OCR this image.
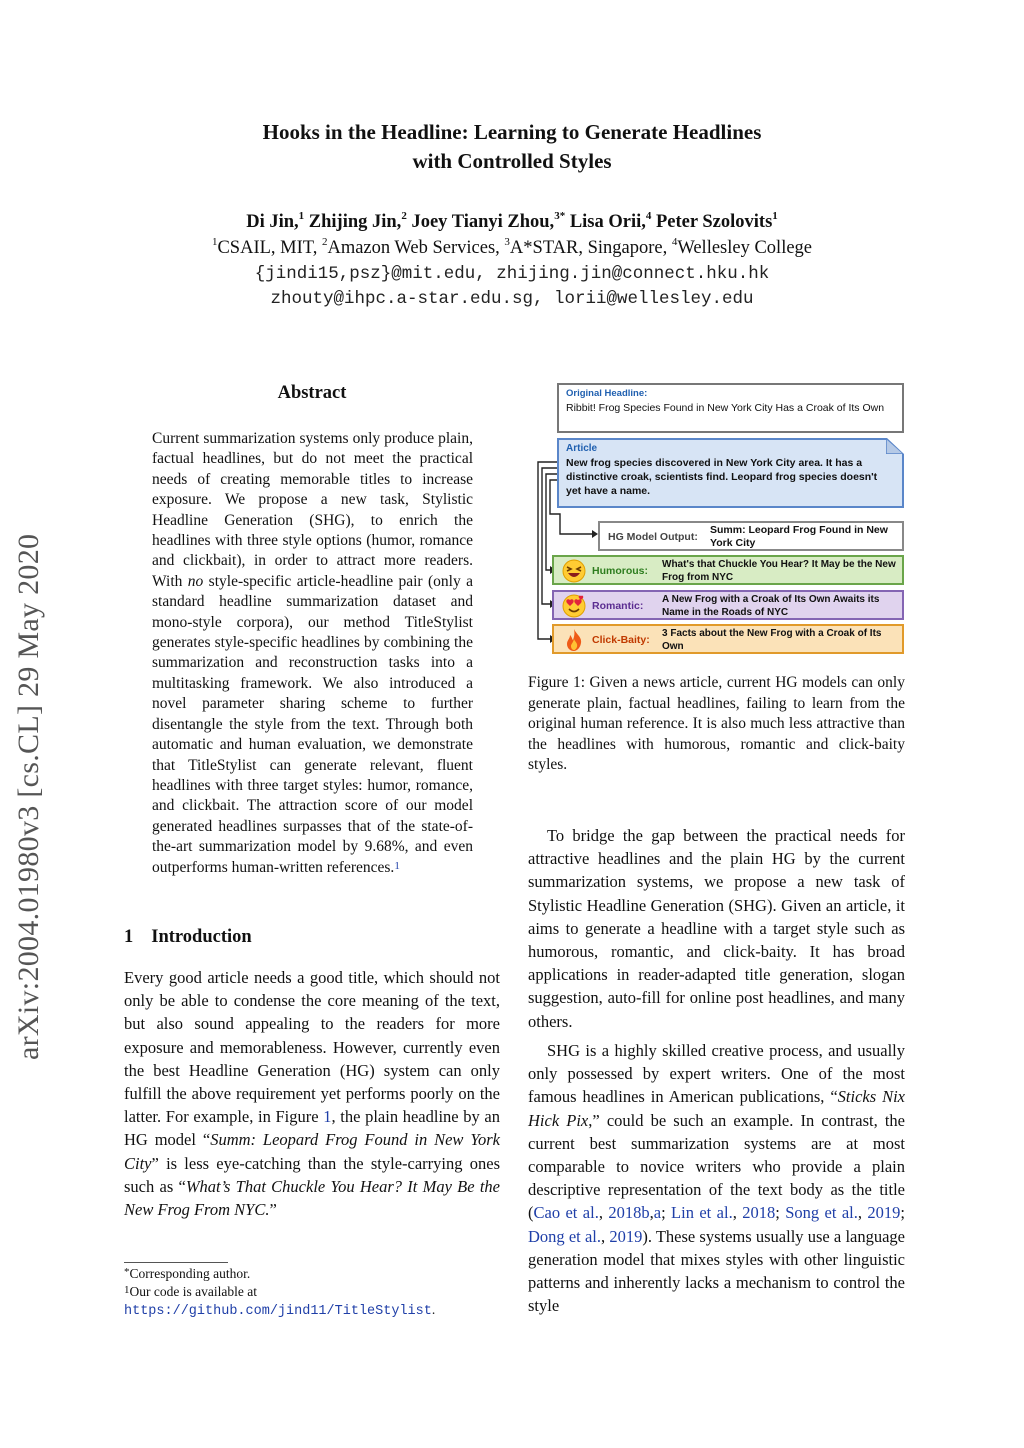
Hooks in the Headline: Learning to Generate Headlines
with Controlled Styles
Di Jin,$^1$ Zhijing Jin,$^2$ Joey Tianyi Zhou,$^{3*}$ Lisa Orii,$^4$ Peter Szolovits$^1$
$^1$CSAIL, MIT, $^2$Amazon Web Services, $^3$A*STAR, Singapore, $^4$Wellesley College
{jindi15,psz}@mit.edu, zhijing.jin@connect.hku.hk
zhouty@ihpc.a-star.edu.sg, lorii@wellesley.edu
arXiv:2004.01980v3 [cs.CL] 29 May 2020
Abstract
Current summarization systems only produce plain, factual headlines, but do not meet the practical needs of creating memorable titles to increase exposure. We propose a new task, Stylistic Headline Generation (SHG), to enrich the headlines with three style options (humor, romance and clickbait), in order to attract more readers. With no style-specific article-headline pair (only a standard headline summarization dataset and mono-style corpora), our method TitleStylist generates style-specific headlines by combining the summarization and reconstruction tasks into a multitasking framework. We also introduced a novel parameter sharing scheme to further disentangle the style from the text. Through both automatic and human evaluation, we demonstrate that TitleStylist can generate relevant, fluent headlines with three target styles: humor, romance, and clickbait. The attraction score of our model generated headlines surpasses that of the state-of-the-art summarization model by 9.68%, and even outperforms human-written references.$^1$
1 Introduction
Every good article needs a good title, which should not only be able to condense the core meaning of the text, but also sound appealing to the readers for more exposure and memorableness. However, currently even the best Headline Generation (HG) system can only fulfill the above requirement yet performs poorly on the latter. For example, in Figure 1, the plain headline by an HG model “Summ: Leopard Frog Found in New York City” is less eye-catching than the style-carrying ones such as “What’s That Chuckle You Hear? It May Be the New Frog From NYC.”
*Corresponding author.
$^1$Our code is available at https://github.com/jind11/TitleStylist.
Original Headline:
Ribbit! Frog Species Found in New York City Has a Croak of Its Own
Article
New frog species discovered in New York City area. It has a distinctive croak, scientists find. Leopard frog species doesn't yet have a name.
HG Model Output:
Summ: Leopard Frog Found in New York City
Humorous:
What's that Chuckle You Hear? It May be the New Frog from NYC
Romantic:
A New Frog with a Croak of Its Own Awaits its Name in the Roads of NYC
Click-Baity:
3 Facts about the New Frog with a Croak of Its Own
Figure 1: Given a news article, current HG models can only generate plain, factual headlines, failing to learn from the original human reference. It is also much less attractive than the headlines with humorous, romantic and click-baity styles.
To bridge the gap between the practical needs for attractive headlines and the plain HG by the current summarization systems, we propose a new task of Stylistic Headline Generation (SHG). Given an article, it aims to generate a headline with a target style such as humorous, romantic, and click-baity. It has broad applications in reader-adapted title generation, slogan suggestion, auto-fill for online post headlines, and many others.
SHG is a highly skilled creative process, and usually only possessed by expert writers. One of the most famous headlines in American publications, “Sticks Nix Hick Pix,” could be such an example. In contrast, the current best summarization systems are at most comparable to novice writers who provide a plain descriptive representation of the text body as the title (Cao et al., 2018b,a; Lin et al., 2018; Song et al., 2019; Dong et al., 2019). These systems usually use a language generation model that mixes styles with other linguistic patterns and inherently lacks a mechanism to control the style
